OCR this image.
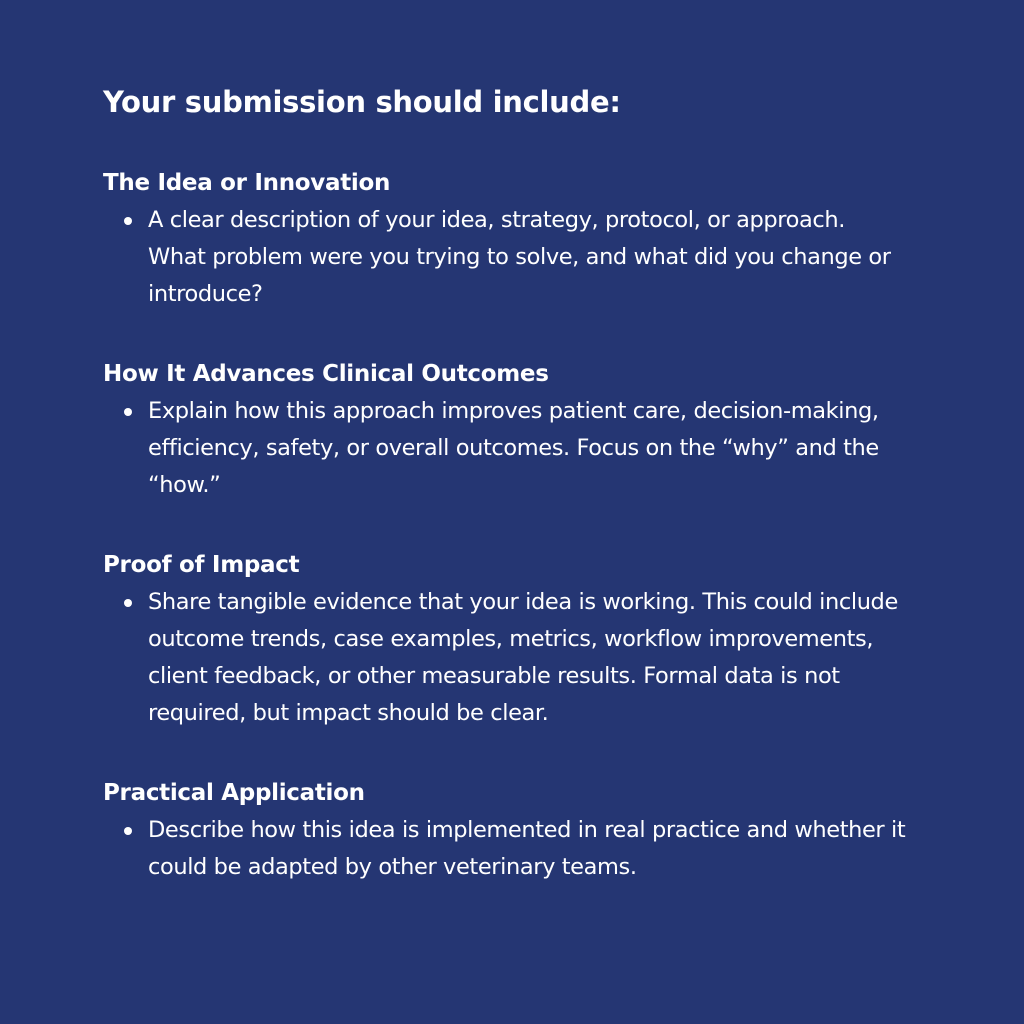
Your submission should include:
The Idea or Innovation
A clear description of your idea, strategy, protocol, or approach. What problem were you trying to solve, and what did you change or introduce?
How It Advances Clinical Outcomes
Explain how this approach improves patient care, decision-making, efficiency, safety, or overall outcomes. Focus on the “why” and the “how.”
Proof of Impact
Share tangible evidence that your idea is working. This could include outcome trends, case examples, metrics, workflow improvements, client feedback, or other measurable results. Formal data is not required, but impact should be clear.
Practical Application
Describe how this idea is implemented in real practice and whether it could be adapted by other veterinary teams.
